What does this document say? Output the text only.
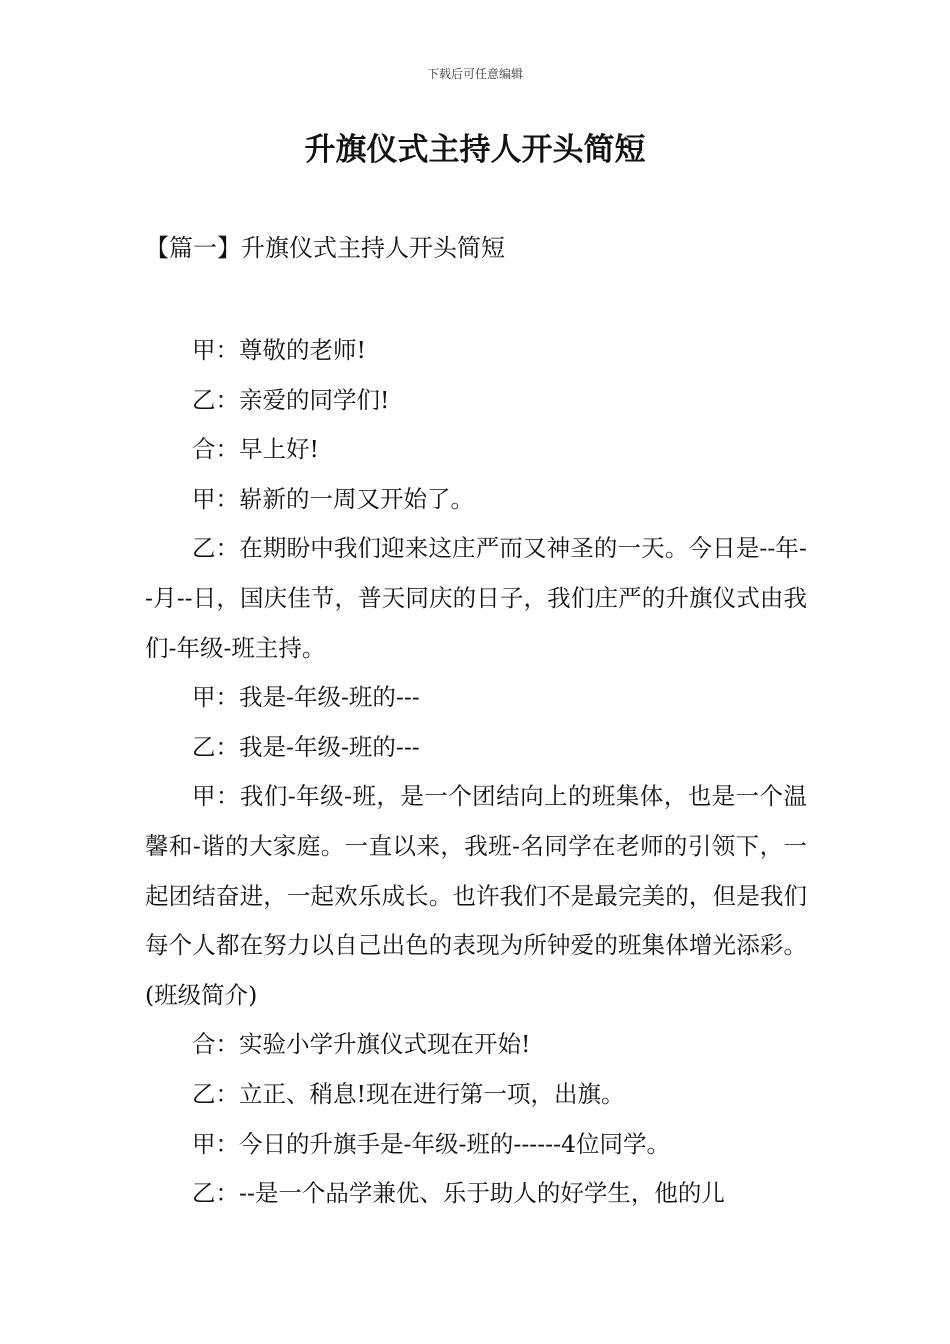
下载后可任意编辑
升旗仪式主持人开头简短
【篇一】升旗仪式主持人开头简短

甲：尊敬的老师!

乙：亲爱的同学们!

合：早上好!

甲：崭新的一周又开始了。

乙：在期盼中我们迎来这庄严而又神圣的一天。今日是--年--月--日，国庆佳节，普天同庆的日子，我们庄严的升旗仪式由我们-年级-班主持。

甲：我是-年级-班的---

乙：我是-年级-班的---

甲：我们-年级-班，是一个团结向上的班集体，也是一个温馨和-谐的大家庭。一直以来，我班-名同学在老师的引领下，一起团结奋进，一起欢乐成长。也许我们不是最完美的，但是我们每个人都在努力以自己出色的表现为所钟爱的班集体增光添彩。(班级简介)

合：实验小学升旗仪式现在开始!

乙：立正、稍息!现在进行第一项，出旗。

甲：今日的升旗手是-年级-班的------4位同学。

乙：--是一个品学兼优、乐于助人的好学生，他的儿
